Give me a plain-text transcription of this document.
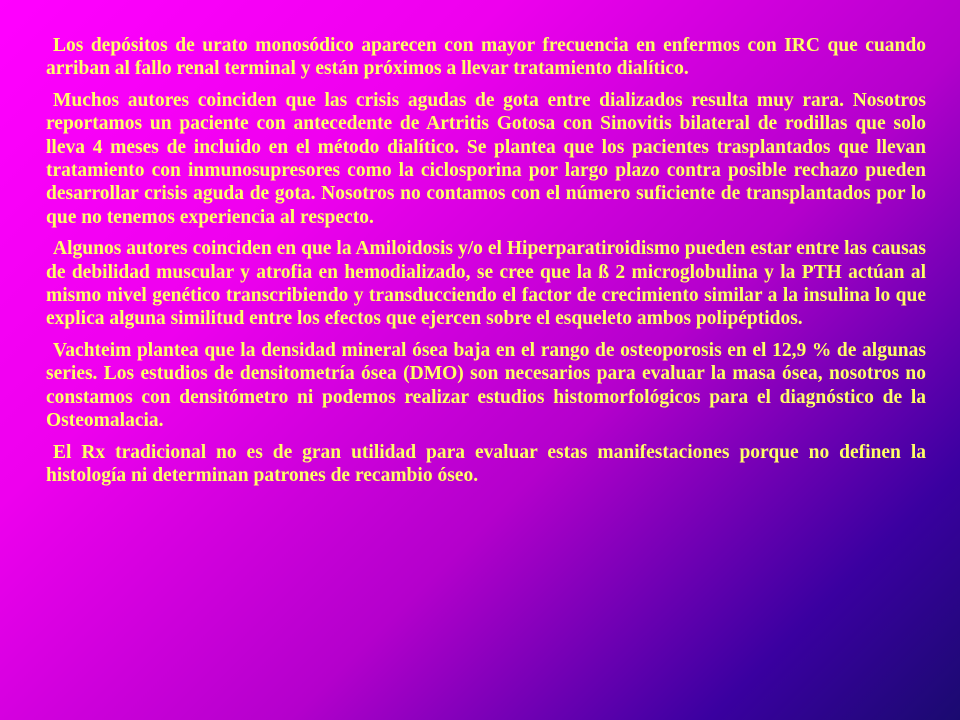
Los depósitos de urato monosódico aparecen con mayor frecuencia en enfermos con IRC que cuando arriban al fallo renal terminal y están próximos a llevar tratamiento dialítico.

Muchos autores coinciden que las crisis agudas de gota entre dializados resulta muy rara. Nosotros reportamos un paciente con antecedente de Artritis Gotosa con Sinovitis bilateral de rodillas que solo lleva 4 meses de incluido en el método dialítico. Se plantea que los pacientes trasplantados que llevan tratamiento con inmunosupresores como la ciclosporina por largo plazo contra posible rechazo pueden desarrollar crisis aguda de gota. Nosotros no contamos con el número suficiente de transplantados por lo que no tenemos experiencia al respecto.

Algunos autores coinciden en que la Amiloidosis y/o el Hiperparatiroidismo pueden estar entre las causas de debilidad muscular y atrofia en hemodializado, se cree que la ß 2 microglobulina y la PTH actúan al mismo nivel genético transcribiendo y transducciendo el factor de crecimiento similar a la insulina lo que explica alguna similitud entre los efectos que ejercen sobre el esqueleto ambos polipéptidos.

Vachteim plantea que la densidad mineral ósea baja en el rango de osteoporosis en el 12,9 % de algunas series. Los estudios de densitometría ósea (DMO) son necesarios para evaluar la masa ósea, nosotros no constamos con densitómetro ni podemos realizar estudios histomorfológicos para el diagnóstico de la Osteomalacia.

El Rx tradicional no es de gran utilidad para evaluar estas manifestaciones porque no definen la histología ni determinan patrones de recambio óseo.
